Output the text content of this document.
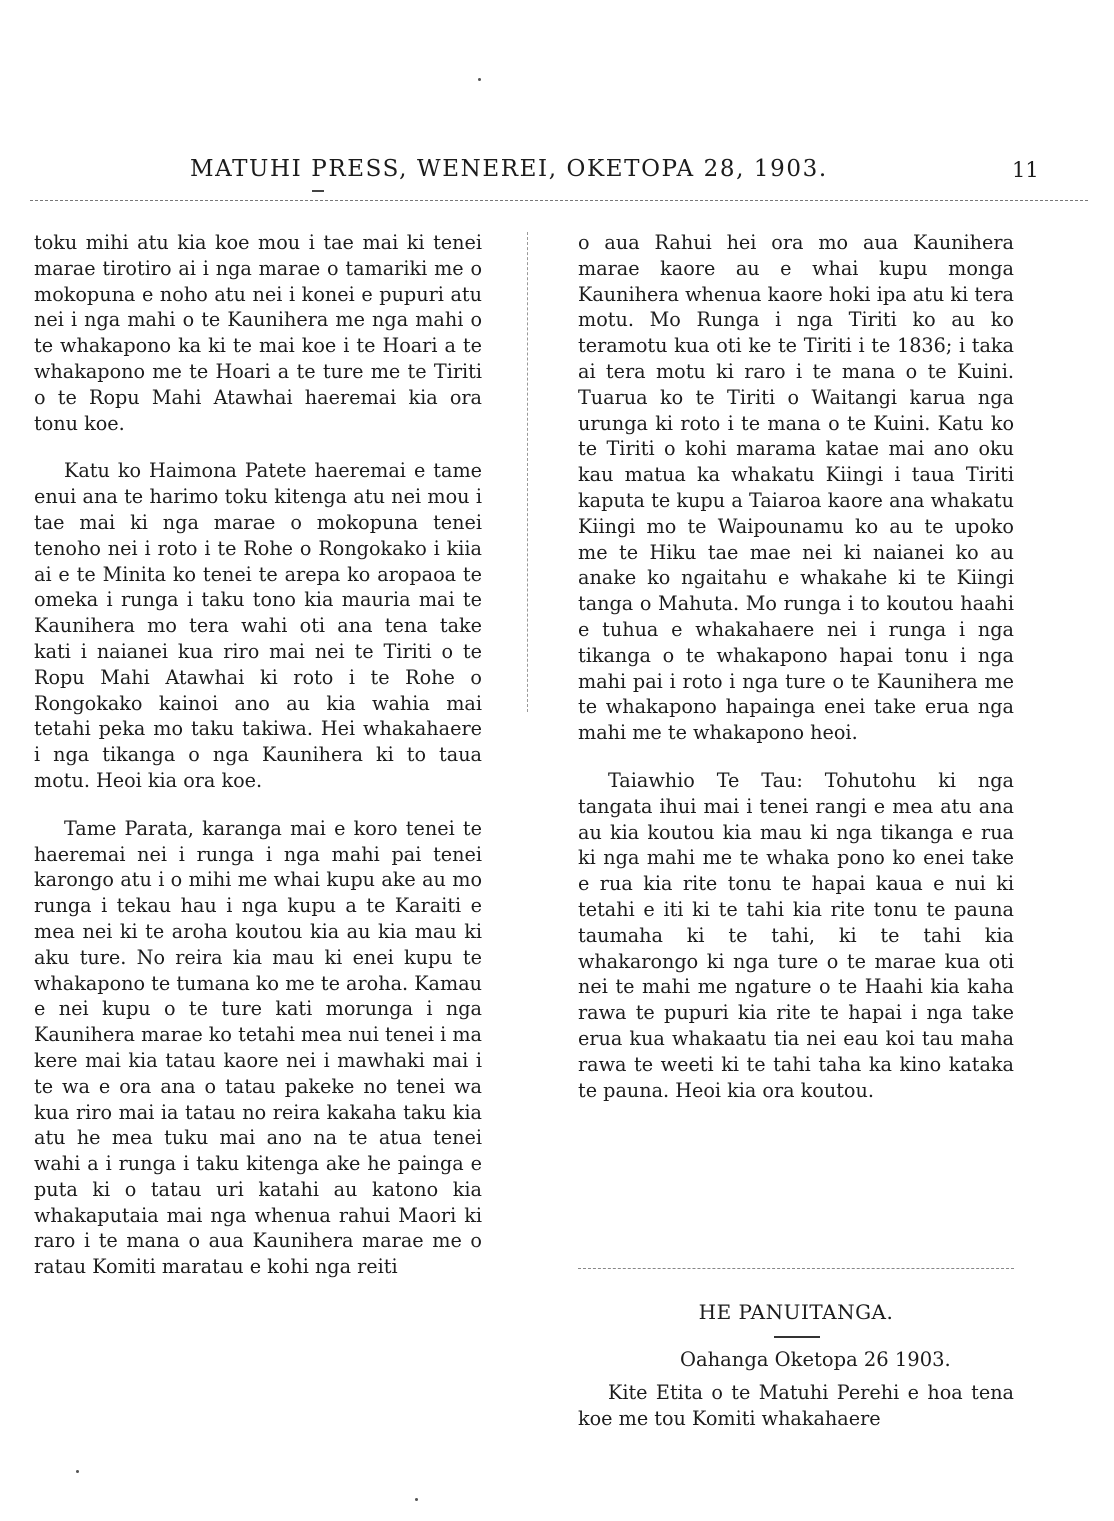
MATUHI PRESS, WENEREI, OKETOPA 28, 1903.	11

toku mihi atu kia koe mou i tae mai ki tenei marae tirotiro ai i nga marae o tamariki me o mokopuna e noho atu nei i konei e pupuri atu nei i nga mahi o te Kaunihera me nga mahi o te whakapono ka ki te mai koe i te Hoari a te whakapono me te Hoari a te ture me te Tiriti o te Ropu Mahi Atawhai haeremai kia ora tonu koe.

Katu ko Haimona Patete haeremai e tame enui ana te harimo toku kitenga atu nei mou i tae mai ki nga marae o mokopuna tenei tenoho nei i roto i te Rohe o Rongokako i kiia ai e te Minita ko tenei te arepa ko aropaoa te omeka i runga i taku tono kia mauria mai te Kaunihera mo tera wahi oti ana tena take kati i naianei kua riro mai nei te Tiriti o te Ropu Mahi Atawhai ki roto i te Rohe o Rongokako kainoi ano au kia wahia mai tetahi peka mo taku takiwa. Hei whakahaere i nga tikanga o nga Kaunihera ki to taua motu. Heoi kia ora koe.

Tame Parata, karanga mai e koro tenei te haeremai nei i runga i nga mahi pai tenei karongo atu i o mihi me whai kupu ake au mo runga i tekau hau i nga kupu a te Karaiti e mea nei ki te aroha koutou kia au kia mau ki aku ture. No reira kia mau ki enei kupu te whakapono te tumana ko me te aroha. Kamau e nei kupu o te ture kati morunga i nga Kaunihera marae ko tetahi mea nui tenei i ma kere mai kia tatau kaore nei i mawhaki mai i te wa e ora ana o tatau pakeke no tenei wa kua riro mai ia tatau no reira kakaha taku kia atu he mea tuku mai ano na te atua tenei wahi a i runga i taku kitenga ake he painga e puta ki o tatau uri katahi au katono kia whakaputaia mai nga whenua rahui Maori ki raro i te mana o aua Kaunihera marae me o ratau Komiti maratau e kohi nga reiti

o aua Rahui hei ora mo aua Kaunihera marae kaore au e whai kupu monga Kaunihera whenua kaore hoki ipa atu ki tera motu. Mo Runga i nga Tiriti ko au ko teramotu kua oti ke te Tiriti i te 1836; i taka ai tera motu ki raro i te mana o te Kuini. Tuarua ko te Tiriti o Waitangi karua nga urunga ki roto i te mana o te Kuini. Katu ko te Tiriti o kohi marama katae mai ano oku kau matua ka whakatu Kiingi i taua Tiriti kaputa te kupu a Taiaroa kaore ana whakatu Kiingi mo te Waipounamu ko au te upoko me te Hiku tae mae nei ki naianei ko au anake ko ngaitahu e whakahe ki te Kiingi tanga o Mahuta. Mo runga i to koutou haahi e tuhua e whakahaere nei i runga i nga tikanga o te whakapono hapai tonu i nga mahi pai i roto i nga ture o te Kaunihera me te whakapono hapainga enei take erua nga mahi me te whakapono heoi.

Taiawhio Te Tau: Tohutohu ki nga tangata ihui mai i tenei rangi e mea atu ana au kia koutou kia mau ki nga tikanga e rua ki nga mahi me te whaka pono ko enei take e rua kia rite tonu te hapai kaua e nui ki tetahi e iti ki te tahi kia rite tonu te pauna taumaha ki te tahi, ki te tahi kia whakarongo ki nga ture o te marae kua oti nei te mahi me ngature o te Haahi kia kaha rawa te pupuri kia rite te hapai i nga take erua kua whakaatu tia nei eau koi tau maha rawa te weeti ki te tahi taha ka kino kataka te pauna. Heoi kia ora koutou.

HE PANUITANGA.
Oahanga Oketopa 26 1903.
Kite Etita o te Matuhi Perehi e hoa tena koe me tou Komiti whakahaere
